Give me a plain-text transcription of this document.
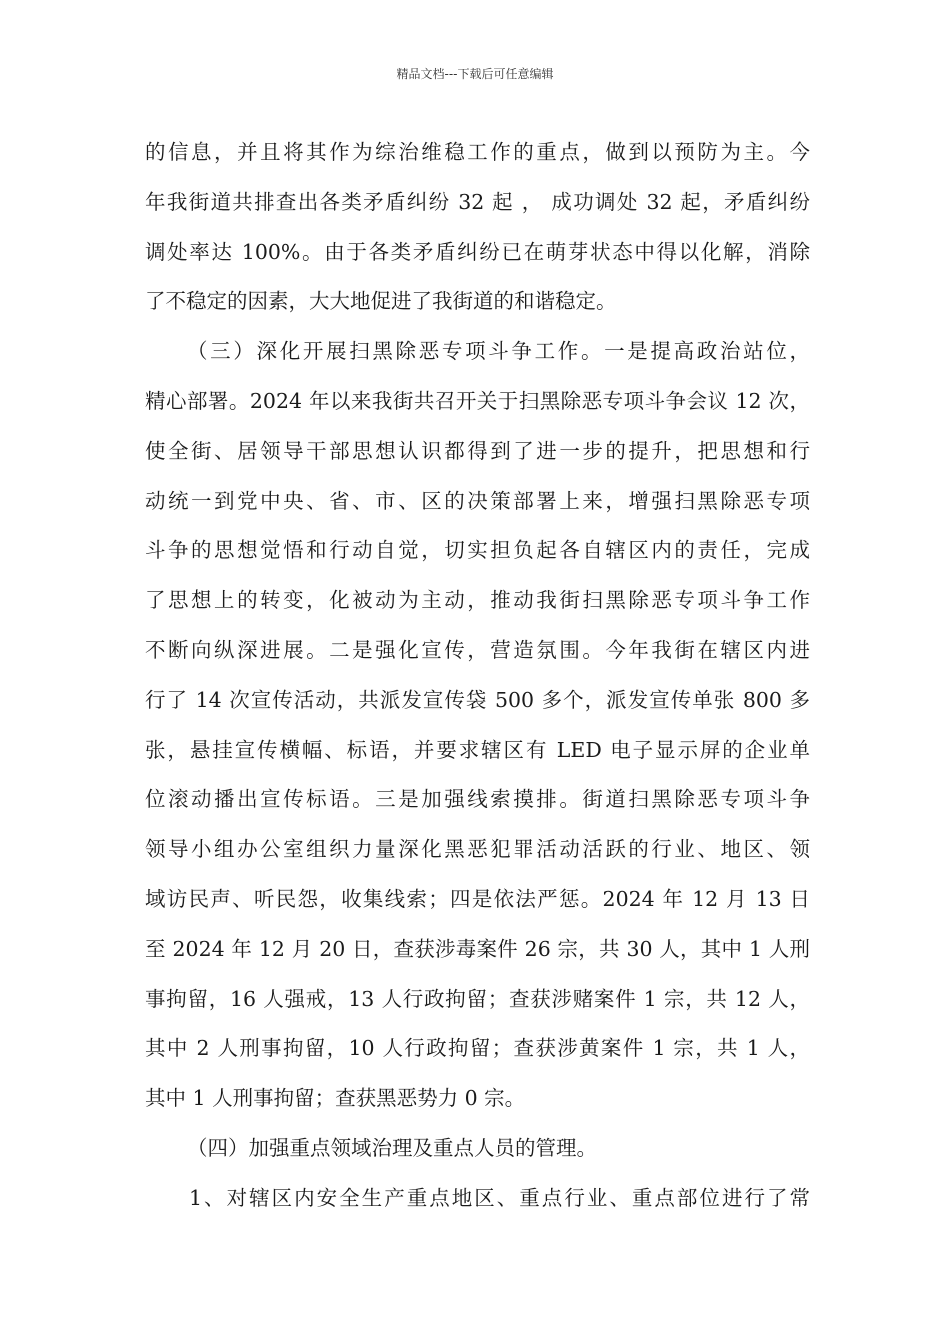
精品文档---下载后可任意编辑
的信息，并且将其作为综治维稳工作的重点，做到以预防为主。今
年我街道共排查出各类矛盾纠纷 32 起 ， 成功调处 32 起，矛盾纠纷
调处率达 100%。由于各类矛盾纠纷已在萌芽状态中得以化解，消除
了不稳定的因素，大大地促进了我街道的和谐稳定。
（三）深化开展扫黑除恶专项斗争工作。一是提高政治站位，
精心部署。2024 年以来我街共召开关于扫黑除恶专项斗争会议 12 次，
使全街、居领导干部思想认识都得到了进一步的提升，把思想和行
动统一到党中央、省、市、区的决策部署上来，增强扫黑除恶专项
斗争的思想觉悟和行动自觉，切实担负起各自辖区内的责任，完成
了思想上的转变，化被动为主动，推动我街扫黑除恶专项斗争工作
不断向纵深进展。二是强化宣传，营造氛围。今年我街在辖区内进
行了 14 次宣传活动，共派发宣传袋 500 多个，派发宣传单张 800 多
张，悬挂宣传横幅、标语，并要求辖区有 LED 电子显示屏的企业单
位滚动播出宣传标语。三是加强线索摸排。街道扫黑除恶专项斗争
领导小组办公室组织力量深化黑恶犯罪活动活跃的行业、地区、领
域访民声、听民怨，收集线索；四是依法严惩。2024 年 12 月 13 日
至 2024 年 12 月 20 日，查获涉毒案件 26 宗，共 30 人，其中 1 人刑
事拘留，16 人强戒，13 人行政拘留；查获涉赌案件 1 宗，共 12 人，
其中 2 人刑事拘留，10 人行政拘留；查获涉黄案件 1 宗，共 1 人，
其中 1 人刑事拘留；查获黑恶势力 0 宗。
（四）加强重点领域治理及重点人员的管理。
1、对辖区内安全生产重点地区、重点行业、重点部位进行了常
